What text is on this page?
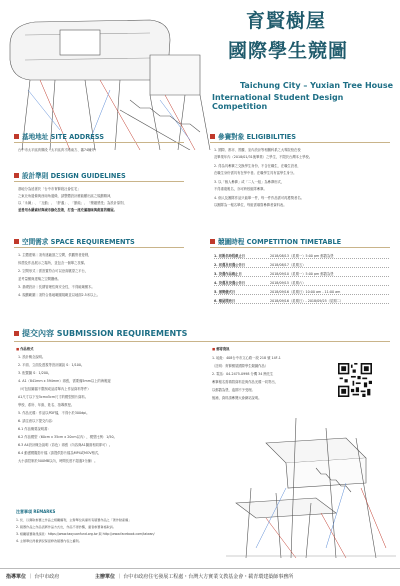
育賢樹屋
國際學生競圖
Taichung City – Yuxian Tree House
International Student Design Competition
基地地址 SITE ADDRESS
台中市太平區育賢段（太平區育才路南方、蕃74幢旁）
設計準則 DESIGN GUIDELINES
基地分為延著於「台中市育賢段社會住宅」
之東北角邊條與西南角邊條，請整體設計應能顯出區之規劃精神，
以「永續」、「互動」、「舒適」、「節能」、「樂趣感受」為設計原則，
並善用永續素材與城市綠化技術，打造一座充滿趣味與創意的樹屋。
空間需求 SPACE REQUIREMENTS
1. 主體建築｜須有遮蔽頂之空間，供觀察者遊戲，
休憩及作品展示之場所，並包含一個單之扶梯。
2. 空間形式｜需設置符合可以登高眺望之平台，
並考量樹與建築之空間關係。
3. 基礎設計｜長期管理性與安全性，不得破壞樹木。
4. 規劃範圍｜須符合基地範圍規範並以地面2.5米以上。
參賽對象 ELIGIBILITIES
1. 國際、都市、景觀、室內設計等相關科系之大專院校在校
及畢業年內（2018/01/31後畢業）之學生，不限於台灣本土學校。
2. 得為具參賽之交換學生身份，不含在職生，在職生設者，
在職生身份需具有在學中者。在職學生具有當學生身分。
3. 以「個人參賽」或「二人一組」為參賽形式，
不得重複報名，亦可跨校組隊參賽。
4. 個人及團隊作品只能單一件，每一件作品需可再獲獎者名。
以團隊為一報名單位，每組需填寫參賽者資料表。
競圖時程 COMPETITION TIMETABLE
1. 初報名時程截止日	2018/08/13（星期一）5:00 pm 郵戳為憑
2. 初選及初選公告日	2018/08/17（星期五）
3. 決選作品截止日	2018/09/10（星期一）5:00 pm 郵戳為憑
4. 決選及決選公告日	2018/09/15（星期六）
5. 頒獎儀式日	2018/09/16（星期日）10:00 am - 11:00 am
6. 樹屋開放日	2018/09/16（星期日）- 2018/09/25（星期二）
提交內容 SUBMISSION REQUIREMENTS
■ 作品格式
1. 設計概念說明。
2. 平面、立面及透視等設計圖說 S：1/100。
3. 配置圖 S：1/200。
4. A1（841mm x 594mm）兩張，需要備5mm以上的海報邊
（可包括圖檔不限制成品清單內上作品資料等件）
A1尺寸以下至5cmx5cm尺寸的模型照片資料。
學校、系所、年級、姓名、指導教授。
5. 作品光碟：作品以PDF檔，不得小於300dpi。
6. 請注意以下提交內容：
6.1 作品概要說明書：
6.2 作品模型（60cm x 35cm x 20cm以內），模型比例：1/50。
6.3 A4設計概念說明（彩色）兩張（內容與A1圖面相同即可）。
6.4 動畫模擬影片檔（請提供影片檔為MP4或MOV格式，
大小請控制於500MB以內，時間長度不超過3分鐘）。
■ 郵寄資訊
1. 地址：408台中市文心路一段 218 號 14F-1
（註明：育賢樹屋國際學生競圖作品）
2. 電話：04-2475-0998 分機 34 簡先生
參賽報名需填寫資料並與作品光碟一同寄出，
以郵戳為憑，逾期不予受理。
後補，資料請參閱大會網站說明。
注意事項 REMARKS
1. 於、以獲取參賽之作品之相關權利，主辦單位具備所有競賽作品之「著作財產權」
2. 競賽作品之作品需將作品方式出，作品不得抄襲，違者參賽資格取消。
3. 相關競賽資訊請見：https://www.taoyuanfund.org.tw 與 http://www.facebook.com/taiwan/
4. 主辦單位得視情況保留修改競賽內容之權利。
指導單位 ｜ 台中市政府	主辦單位 ｜ 台中市政府住宅發展工程處・台灣大方實業文教基金會・載青環建築師事務所
